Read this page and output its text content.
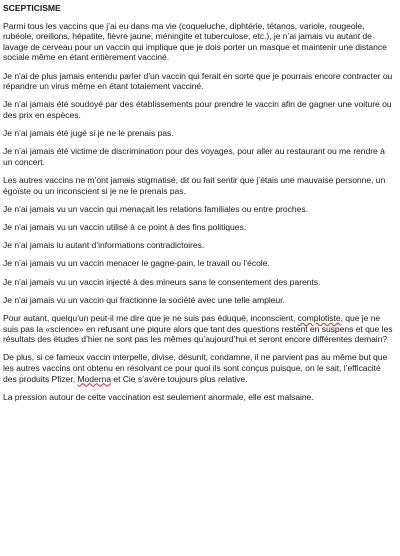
SCEPTICISME
Parmi tous les vaccins que j’ai eu dans ma vie (coqueluche, diphtérie, tétanos, variole, rougeole, rubéole, oreillons, hépatite, fièvre jaune, méningite et tuberculose, etc.), je n’ai jamais vu autant de lavage de cerveau pour un vaccin qui implique que je dois porter un masque et maintenir une distance sociale même en étant entièrement vacciné.
Je n’ai de plus jamais entendu parler d’un vaccin qui ferait en sorte que je pourrais encore contracter ou répandre un virus même en étant totalement vacciné.
Je n’ai jamais été soudoyé par des établissements pour prendre le vaccin afin de gagner une voiture ou des prix en espèces.
Je n’ai jamais été jugé si je ne le prenais pas.
Je n’ai jamais été victime de discrimination pour des voyages, pour aller au restaurant ou me rendre à un concert.
Les autres vaccins ne m’ont jamais stigmatisé, dit ou fait sentir que j’étais une mauvaise personne, un égoïste ou un inconscient si je ne le prenais pas.
Je n’ai jamais vu un vaccin qui menaçait les relations familiales ou entre proches.
Je n’ai jamais vu un vaccin utilisé à ce point à des fins politiques.
Je n’ai jamais lu autant d’informations contradictoires.
Je n’ai jamais vu un vaccin menacer le gagne-pain, le travail ou l’école.
Je n’ai jamais vu un vaccin injecté à des mineurs sans le consentement des parents.
Je n’ai jamais vu un vaccin qui fractionne la société avec une telle ampleur.
Pour autant, quelqu’un peut-il me dire que je ne suis pas éduqué, inconscient, complotiste, que je ne suis pas la «science» en refusant une piqure alors que tant des questions restent en suspens et que les résultats des études d’hier ne sont pas les mêmes qu’aujourd’hui et seront encore différentes demain?
De plus, si ce fameux vaccin interpelle, divise, désunit, condamne, il ne parvient pas au même but que les autres vaccins ont obtenu en résolvant ce pour quoi ils sont conçus puisque, on le sait, l’efficacité des produits Pfizer, Moderna et Cie s’avère toujours plus relative.
La pression autour de cette vaccination est seulement anormale, elle est malsaine.
